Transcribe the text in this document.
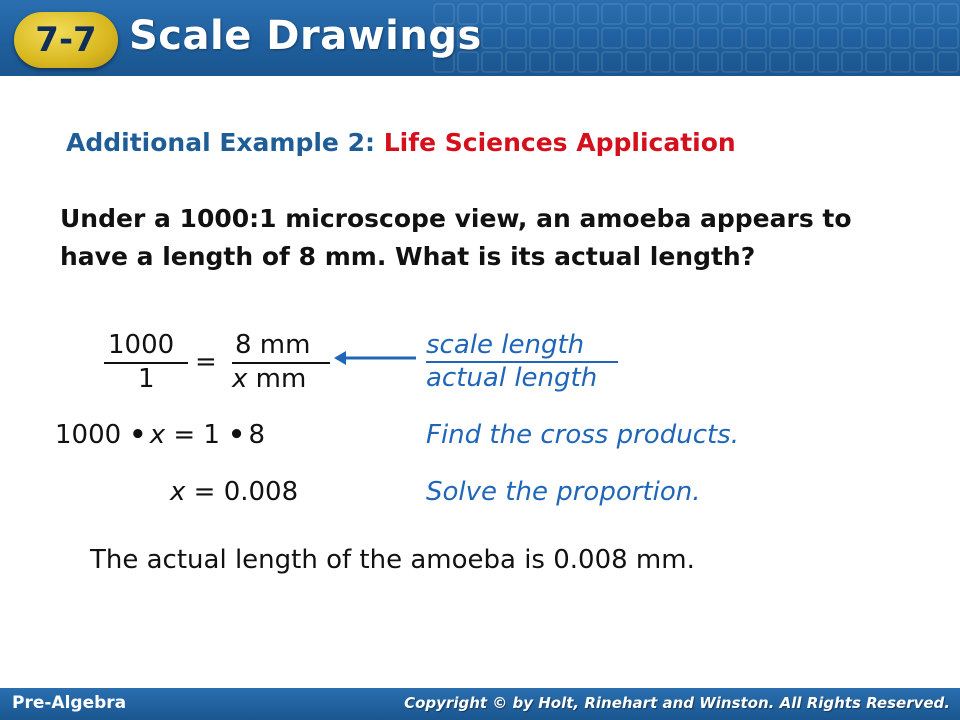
7-7 Scale Drawings
Additional Example 2: Life Sciences Application
Under a 1000:1 microscope view, an amoeba appears to have a length of 8 mm. What is its actual length?
1000
1
=
8 mm
x mm
scale length
actual length
1000 • x = 1 • 8	Find the cross products.
x = 0.008	Solve the proportion.
The actual length of the amoeba is 0.008 mm.
Pre-Algebra	Copyright © by Holt, Rinehart and Winston. All Rights Reserved.
